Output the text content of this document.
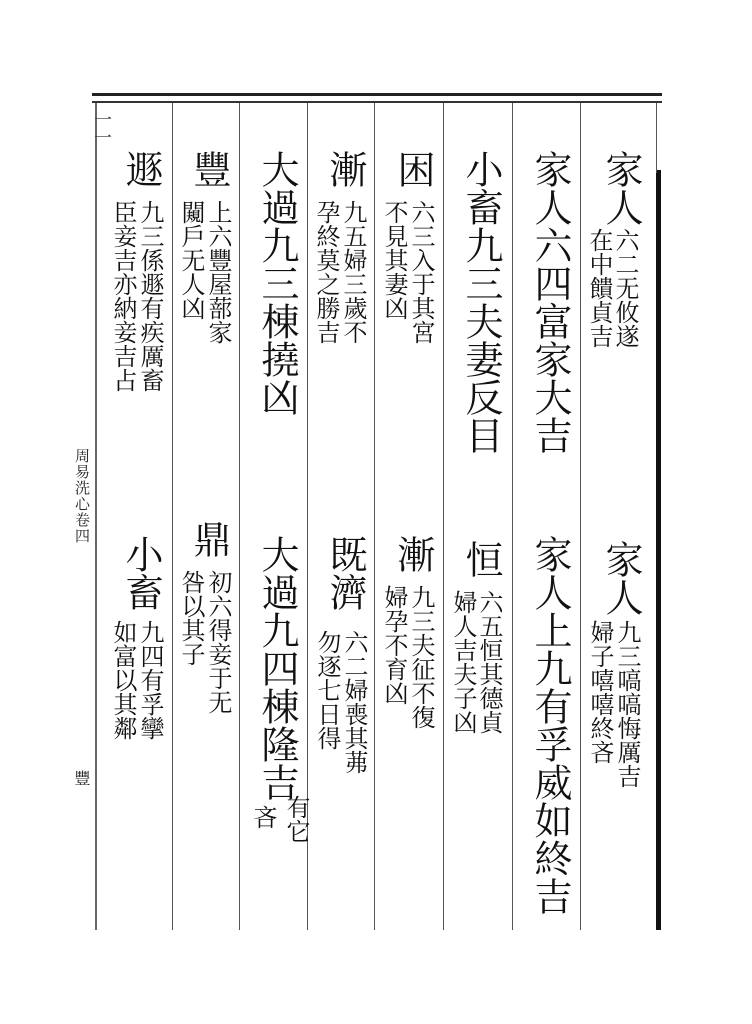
⼀⼀
周易洗心卷四
豐
家人
六二无攸遂
在中饋貞吉
家人
九三嗃嗃悔厲吉
婦子嘻嘻終吝
家人六四富家大吉
家人上九有孚威如終吉
小畜九三夫妻反目
恒
六五恒其德貞
婦人吉夫子凶
困
六三入于其宮
不見其妻凶
漸
九三夫征不復
婦孕不育凶
漸
九五婦三歲不
孕終莫之勝吉
既濟
六二婦喪其茀
勿逐七日得
大過九三棟撓凶
大過九四棟隆吉
有它
吝
豐
上六豐屋蔀家
闚戶无人凶
鼎
初六得妾于无
咎以其子
遯
九三係遯有疾厲畜
臣妾吉亦納妾吉占
小畜
九四有孚攣
如富以其鄰
